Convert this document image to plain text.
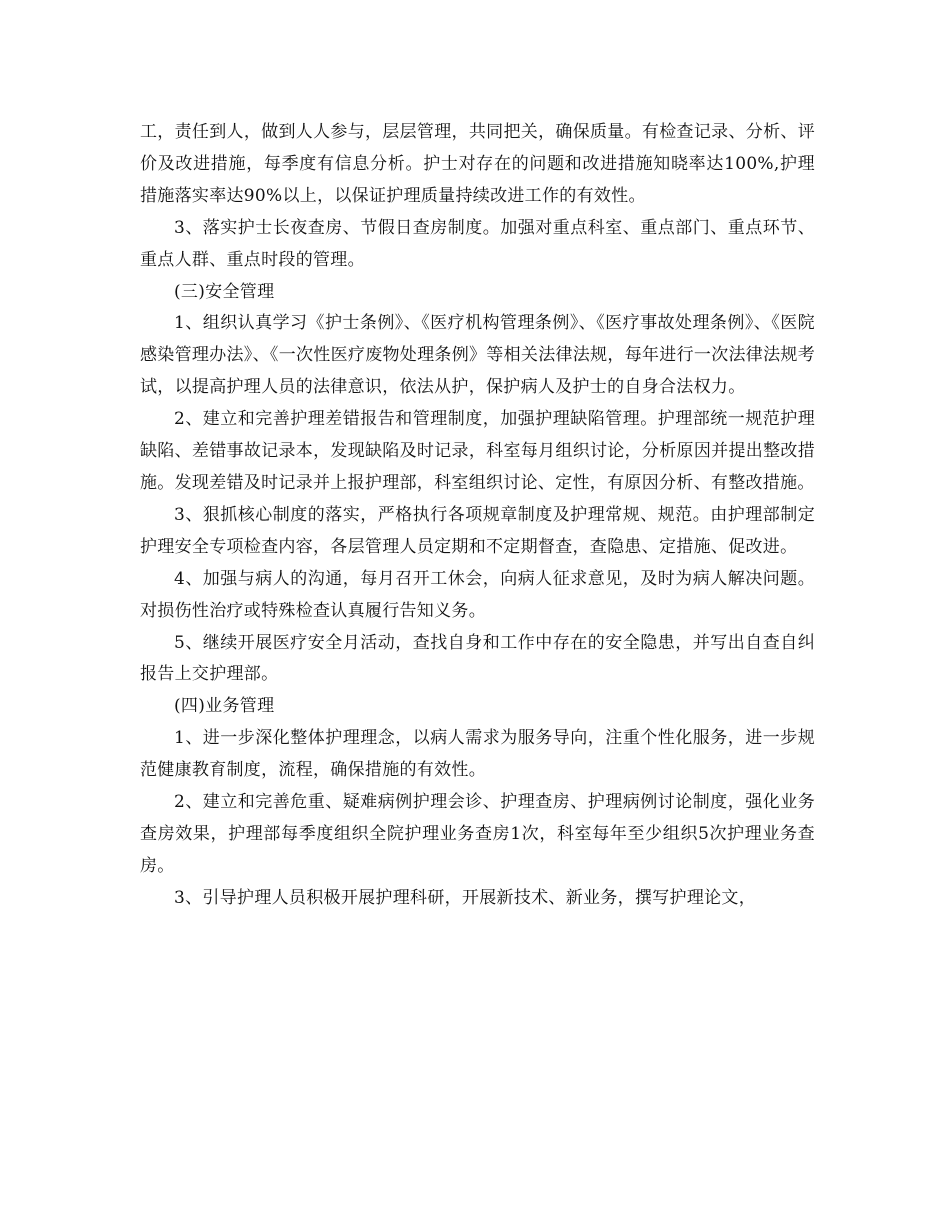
工，责任到人，做到人人参与，层层管理，共同把关，确保质量。有检查记录、分析、评价及改进措施，每季度有信息分析。护士对存在的问题和改进措施知晓率达100%,护理措施落实率达90%以上，以保证护理质量持续改进工作的有效性。

3、落实护士长夜查房、节假日查房制度。加强对重点科室、重点部门、重点环节、重点人群、重点时段的管理。

(三)安全管理

1、组织认真学习《护士条例》、《医疗机构管理条例》、《医疗事故处理条例》、《医院感染管理办法》、《一次性医疗废物处理条例》等相关法律法规，每年进行一次法律法规考试，以提高护理人员的法律意识，依法从护，保护病人及护士的自身合法权力。

2、建立和完善护理差错报告和管理制度，加强护理缺陷管理。护理部统一规范护理缺陷、差错事故记录本，发现缺陷及时记录，科室每月组织讨论，分析原因并提出整改措施。发现差错及时记录并上报护理部，科室组织讨论、定性，有原因分析、有整改措施。

3、狠抓核心制度的落实，严格执行各项规章制度及护理常规、规范。由护理部制定护理安全专项检查内容，各层管理人员定期和不定期督查，查隐患、定措施、促改进。

4、加强与病人的沟通，每月召开工休会，向病人征求意见，及时为病人解决问题。对损伤性治疗或特殊检查认真履行告知义务。

5、继续开展医疗安全月活动，查找自身和工作中存在的安全隐患，并写出自查自纠报告上交护理部。

(四)业务管理

1、进一步深化整体护理理念，以病人需求为服务导向，注重个性化服务，进一步规范健康教育制度，流程，确保措施的有效性。

2、建立和完善危重、疑难病例护理会诊、护理查房、护理病例讨论制度，强化业务查房效果，护理部每季度组织全院护理业务查房1次，科室每年至少组织5次护理业务查房。

3、引导护理人员积极开展护理科研，开展新技术、新业务，撰写护理论文，
